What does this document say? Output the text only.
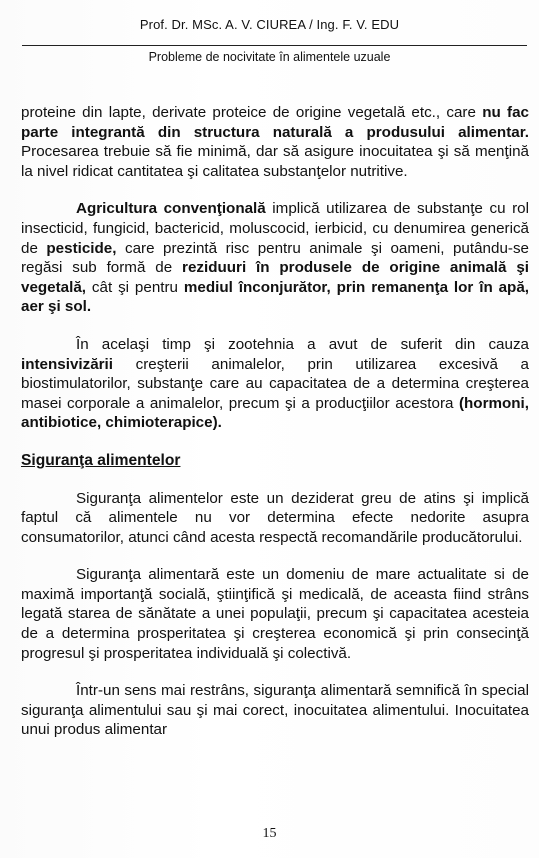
Prof. Dr. MSc. A. V. CIUREA / Ing. F. V. EDU
Probleme de nocivitate în alimentele uzuale

proteine din lapte, derivate proteice de origine vegetală etc., care nu fac parte integrantă din structura naturală a produsului alimentar. Procesarea trebuie să fie minimă, dar să asigure inocuitatea şi să menţină la nivel ridicat cantitatea şi calitatea substanţelor nutritive.

Agricultura convenţională implică utilizarea de substanţe cu rol insecticid, fungicid, bactericid, moluscocid, ierbicid, cu denumirea generică de pesticide, care prezintă risc pentru animale şi oameni, putându-se regăsi sub formă de reziduuri în produsele de origine animală şi vegetală, cât şi pentru mediul înconjurător, prin remanenţa lor în apă, aer şi sol.

În acelaşi timp şi zootehnia a avut de suferit din cauza intensivizării creşterii animalelor, prin utilizarea excesivă a biostimulatorilor, substanţe care au capacitatea de a determina creşterea masei corporale a animalelor, precum şi a producţiilor acestora (hormoni, antibiotice, chimioterapice).

Siguranţa alimentelor

Siguranţa alimentelor este un deziderat greu de atins şi implică faptul că alimentele nu vor determina efecte nedorite asupra consumatorilor, atunci când acesta respectă recomandările producătorului.

Siguranţa alimentară este un domeniu de mare actualitate si de maximă importanţă socială, ştiinţifică şi medicală, de aceasta fiind strâns legată starea de sănătate a unei populaţii, precum şi capacitatea acesteia de a determina prosperitatea şi creşterea economică şi prin consecinţă progresul şi prosperitatea individuală şi colectivă.

Într-un sens mai restrâns, siguranţa alimentară semnifică în special siguranţa alimentului sau şi mai corect, inocuitatea alimentului. Inocuitatea unui produs alimentar

15
